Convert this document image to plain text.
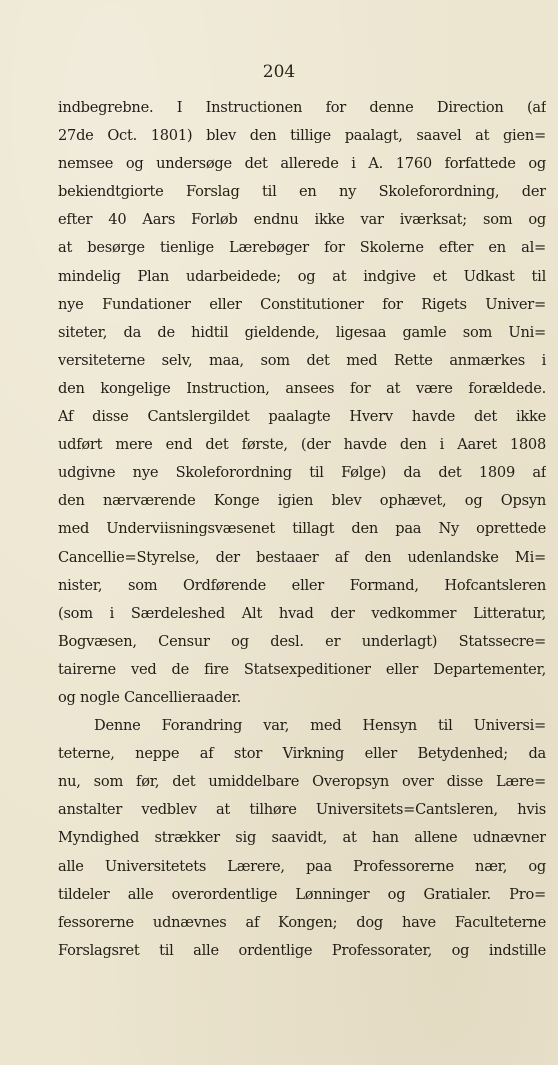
204
indbegrebne. I Instructionen for denne Direction (af
27de Oct. 1801) blev den tillige paalagt, saavel at gien=
nemsee og undersøge det allerede i A. 1760 forfattede og
bekiendtgiorte Forslag til en ny Skoleforordning, der
efter 40 Aars Forløb endnu ikke var iværksat; som og
at besørge tienlige Lærebøger for Skolerne efter en al=
mindelig Plan udarbeidede; og at indgive et Udkast til
nye Fundationer eller Constitutioner for Rigets Univer=
siteter, da de hidtil gieldende, ligesaa gamle som Uni=
versiteterne selv, maa, som det med Rette anmærkes i
den kongelige Instruction, ansees for at være forældede.
Af disse Cantslergildet paalagte Hverv havde det ikke
udført mere end det første, (der havde den i Aaret 1808
udgivne nye Skoleforordning til Følge) da det 1809 af
den nærværende Konge igien blev ophævet, og Opsyn
med Underviisningsvæsenet tillagt den paa Ny oprettede
Cancellie=Styrelse, der bestaaer af den udenlandske Mi=
nister, som Ordførende eller Formand, Hofcantsleren
(som i Særdeleshed Alt hvad der vedkommer Litteratur,
Bogvæsen, Censur og desl. er underlagt) Statssecre=
tairerne ved de fire Statsexpeditioner eller Departementer,
og nogle Cancellieraader.
Denne Forandring var, med Hensyn til Universi=
teterne, neppe af stor Virkning eller Betydenhed; da
nu, som før, det umiddelbare Overopsyn over disse Lære=
anstalter vedblev at tilhøre Universitets=Cantsleren, hvis
Myndighed strækker sig saavidt, at han allene udnævner
alle Universitetets Lærere, paa Professorerne nær, og
tildeler alle overordentlige Lønninger og Gratialer. Pro=
fessorerne udnævnes af Kongen; dog have Faculteterne
Forslagsret til alle ordentlige Professorater, og indstille
